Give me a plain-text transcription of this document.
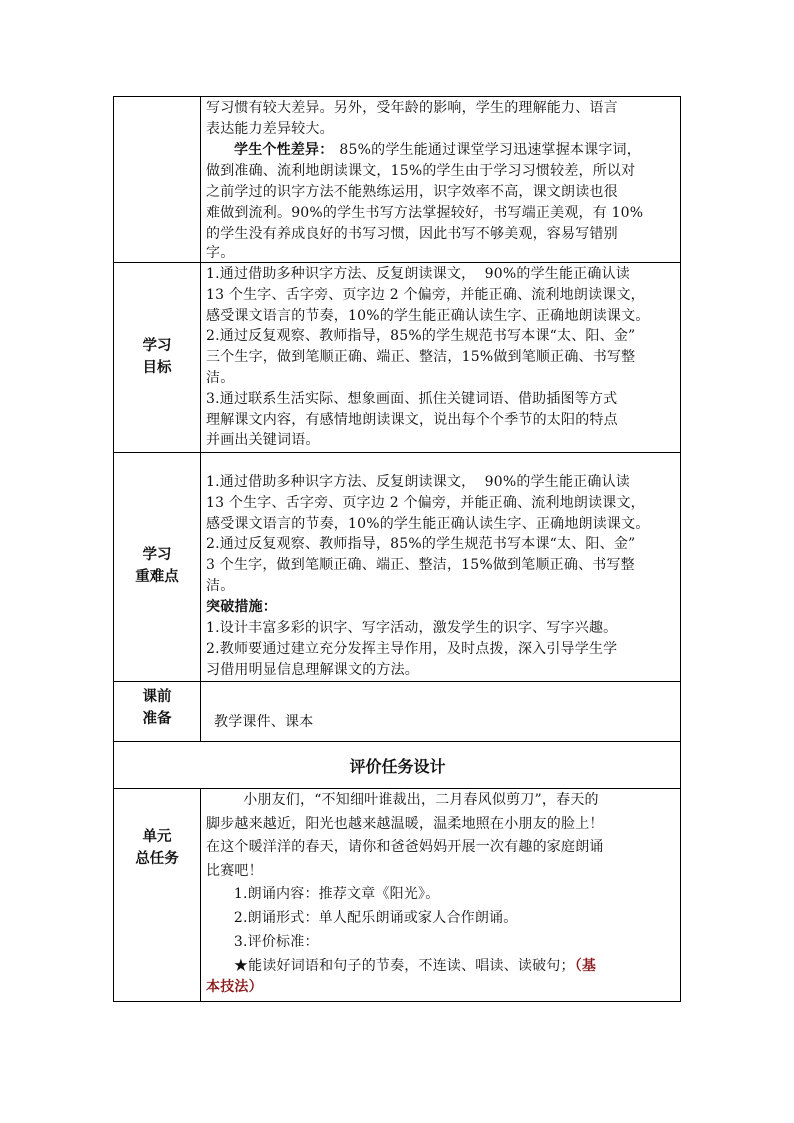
写习惯有较大差异。另外，受年龄的影响，学生的理解能力、语言
表达能力差异较大。
学生个性差异： 85%的学生能通过课堂学习迅速掌握本课字词，
做到准确、流利地朗读课文，15%的学生由于学习习惯较差，所以对
之前学过的识字方法不能熟练运用，识字效率不高，课文朗读也很
难做到流利。90%的学生书写方法掌握较好，书写端正美观，有 10%
的学生没有养成良好的书写习惯，因此书写不够美观，容易写错别
字。
学习
目标
1.通过借助多种识字方法、反复朗读课文，  90%的学生能正确认读
13 个生字、舌字旁、页字边 2 个偏旁，并能正确、流利地朗读课文，
感受课文语言的节奏，10%的学生能正确认读生字、正确地朗读课文。
2.通过反复观察、教师指导，85%的学生规范书写本课“太、阳、金”
三个生字，做到笔顺正确、端正、整洁，15%做到笔顺正确、书写整
洁。
3.通过联系生活实际、想象画面、抓住关键词语、借助插图等方式
理解课文内容，有感情地朗读课文，说出每个个季节的太阳的特点
并画出关键词语。
学习
重难点
1.通过借助多种识字方法、反复朗读课文，  90%的学生能正确认读
13 个生字、舌字旁、页字边 2 个偏旁，并能正确、流利地朗读课文，
感受课文语言的节奏，10%的学生能正确认读生字、正确地朗读课文。
2.通过反复观察、教师指导，85%的学生规范书写本课“太、阳、金”
3 个生字，做到笔顺正确、端正、整洁，15%做到笔顺正确、书写整
洁。
突破措施：
1.设计丰富多彩的识字、写字活动，激发学生的识字、写字兴趣。
2.教师要通过建立充分发挥主导作用，及时点拨，深入引导学生学
习借用明显信息理解课文的方法。
课前
准备	教学课件、课本
评价任务设计
单元
总任务
小朋友们，“不知细叶谁裁出，二月春风似剪刀”，春天的
脚步越来越近，阳光也越来越温暖，温柔地照在小朋友的脸上！
在这个暖洋洋的春天，请你和爸爸妈妈开展一次有趣的家庭朗诵
比赛吧！
1.朗诵内容：推荐文章《阳光》。
2.朗诵形式：单人配乐朗诵或家人合作朗诵。
3.评价标准：
★能读好词语和句子的节奏，不连读、唱读、读破句；（基
本技法）
